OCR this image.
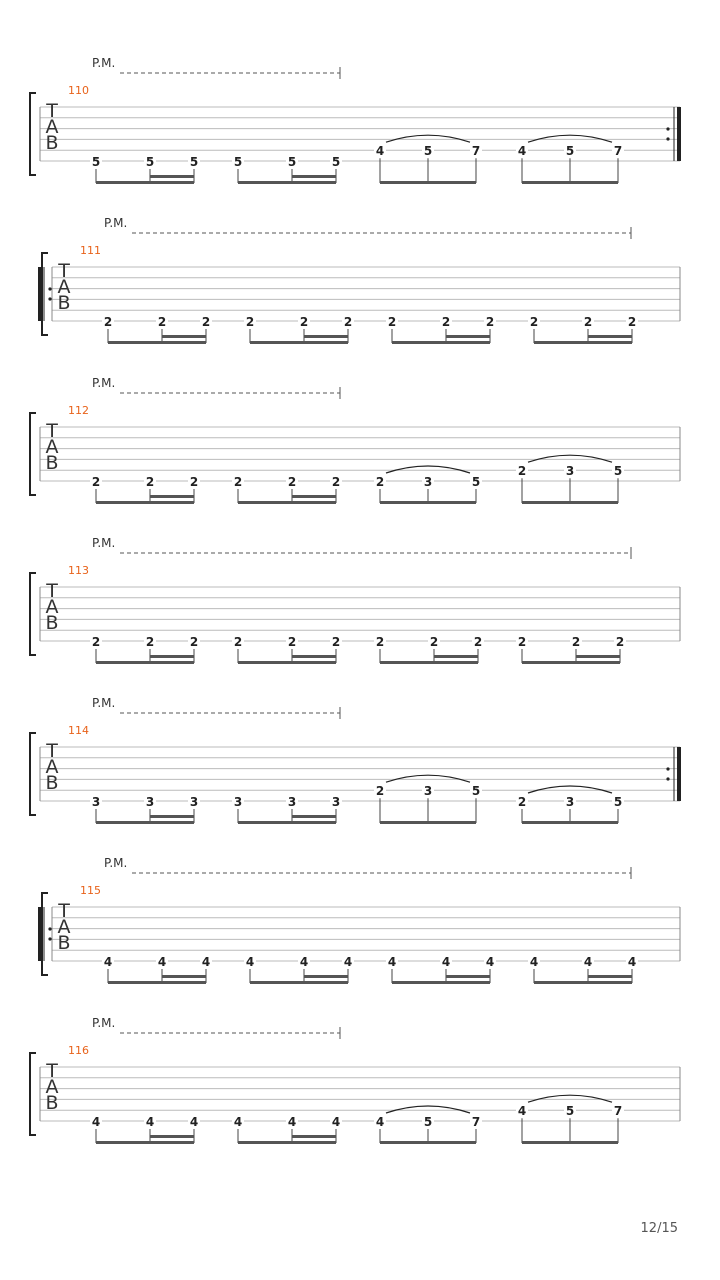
P.M.
110
T
A
B
5	5	5	5	5	5
4	5	7	4	5	7
P.M.
111
T
A
B
2	2	2	2	2	2	2	2	2	2	2	2
P.M.
112
T
A
B
2	2	2	2	2	2	2	3	5
2	3	5
P.M.
113
T
A
B
2	2	2	2	2	2	2	2	2	2	2	2
P.M.
114
T
A
B
3	3	3	3	3	3
2	3	5
2	3	5
P.M.
115
T
A
B
4	4	4	4	4	4	4	4	4	4	4	4
P.M.
116
T
A
B
4	4	4	4	4	4	4	5	7
4	5	7
12/15
